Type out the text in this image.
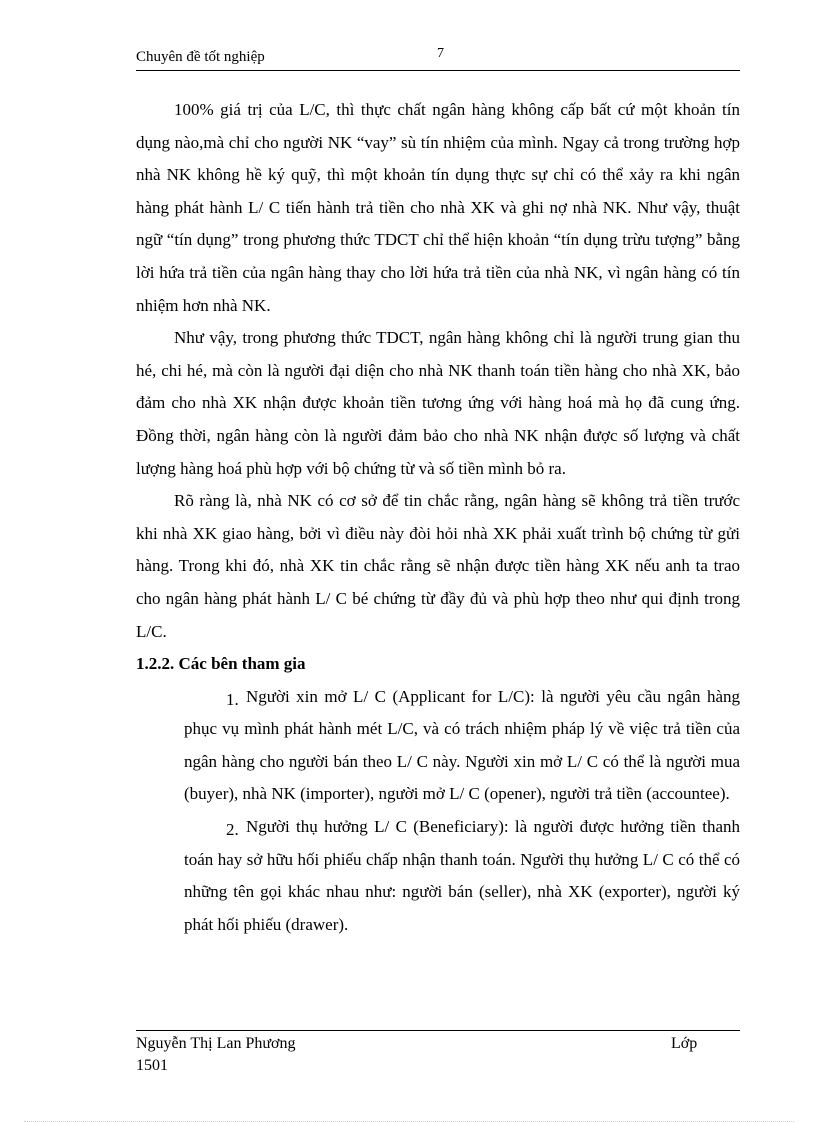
Chuyên đề tốt nghiệp	7

100% giá trị của L/C, thì thực chất ngân hàng không cấp bất cứ một khoản tín dụng nào,mà chỉ cho người NK “vay” sù tín nhiệm của mình. Ngay cả trong trường hợp nhà NK không hề ký quỹ, thì một khoản tín dụng thực sự chỉ có thể xảy ra khi ngân hàng phát hành L/ C tiến hành trả tiền cho nhà XK và ghi nợ nhà NK. Như vậy, thuật ngữ “tín dụng” trong phương thức TDCT chỉ thể hiện khoản “tín dụng trừu tượng” bằng lời hứa trả tiền của ngân hàng thay cho lời hứa trả tiền của nhà NK, vì ngân hàng có tín nhiệm hơn nhà NK.

Như vậy, trong phương thức TDCT, ngân hàng không chỉ là người trung gian thu hé, chi hé, mà còn là người đại diện cho nhà NK thanh toán tiền hàng cho nhà XK, bảo đảm cho nhà XK nhận được khoản tiền tương ứng với hàng hoá mà họ đã cung ứng. Đồng thời, ngân hàng còn là người đảm bảo cho nhà NK nhận được số lượng và chất lượng hàng hoá phù hợp với bộ chứng từ và số tiền mình bỏ ra.

Rõ ràng là, nhà NK có cơ sở để tin chắc rằng, ngân hàng sẽ không trả tiền trước khi nhà XK giao hàng, bởi vì điều này đòi hỏi nhà XK phải xuất trình bộ chứng từ gửi hàng. Trong khi đó, nhà XK tin chắc rằng sẽ nhận được tiền hàng XK nếu anh ta trao cho ngân hàng phát hành L/ C bé chứng từ đầy đủ và phù hợp theo như qui định trong L/C.

1.2.2. Các bên tham gia

1. Người xin mở L/ C (Applicant for L/C): là người yêu cầu ngân hàng phục vụ mình phát hành mét L/C, và có trách nhiệm pháp lý về việc trả tiền của ngân hàng cho người bán theo L/ C này. Người xin mở L/ C có thể là người mua (buyer), nhà NK (importer), người mở L/ C (opener), người trả tiền (accountee).

2. Người thụ hưởng L/ C (Beneficiary): là người được hưởng tiền thanh toán hay sở hữu hối phiếu chấp nhận thanh toán. Người thụ hưởng L/ C có thể có những tên gọi khác nhau như: người bán (seller), nhà XK (exporter), người ký phát hối phiếu (drawer).

Nguyễn Thị Lan Phương	Lớp
1501
